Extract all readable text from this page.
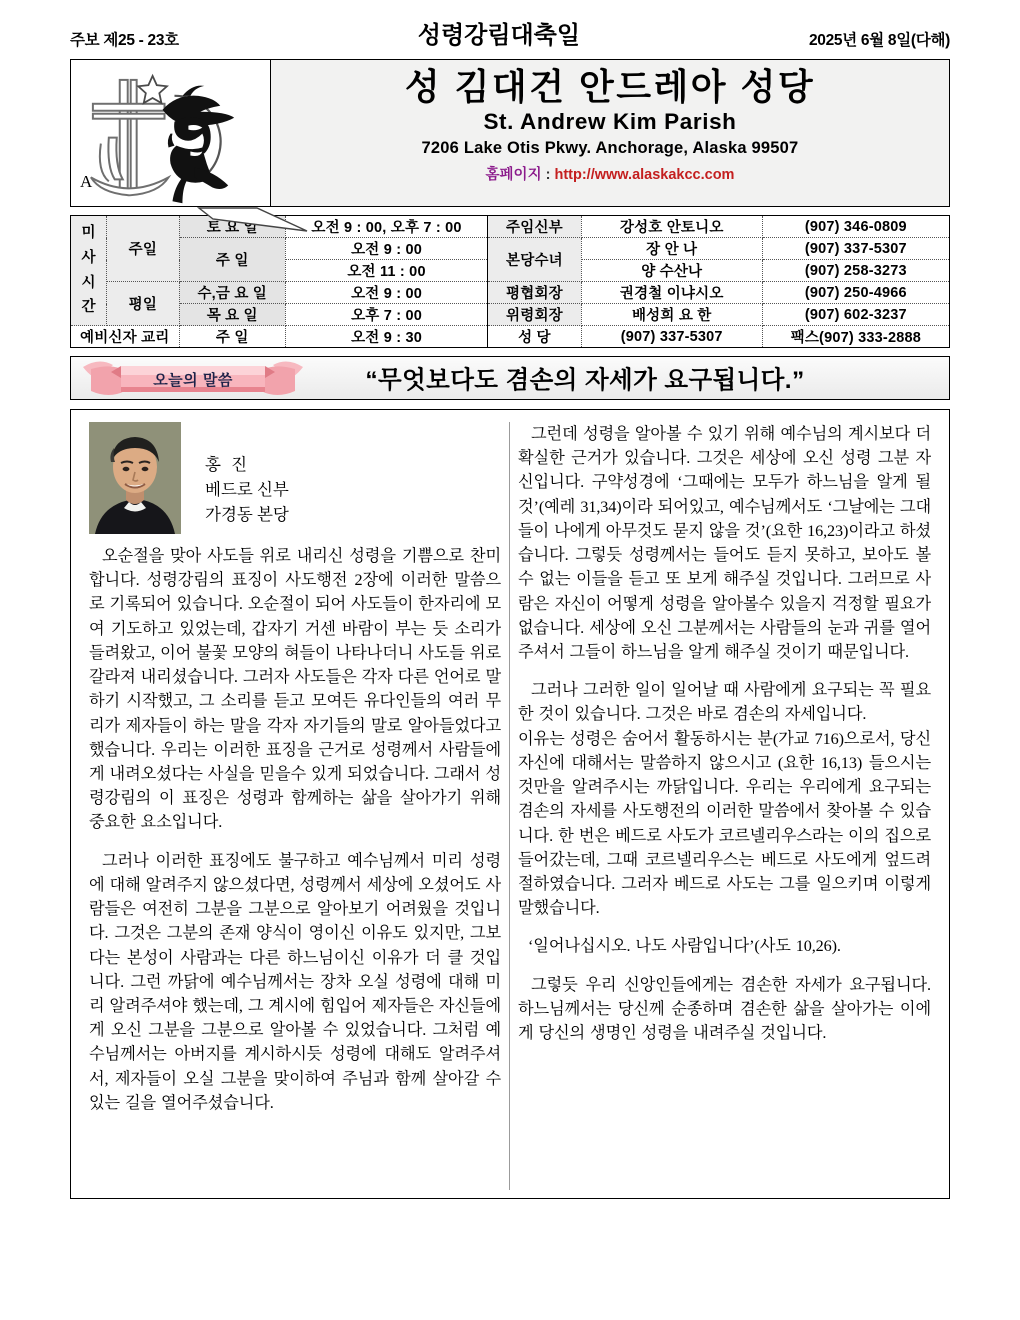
주보 제25 - 23호	성령강림대축일	2025년 6월 8일(다해)
A
성 김대건 안드레아 성당
St. Andrew Kim Parish
7206 Lake Otis Pkwy. Anchorage, Alaska 99507
홈페이지 : http://www.alaskakcc.com
미
사
시
간	주일	토 요 일	오전 9 : 00, 오후 7 : 00	주임신부	강성호 안토니오	(907) 346-0809
		주 일	오전 9 : 00	본당수녀	장 안 나	(907) 337-5307
			오전 11 : 00		양 수산나	(907) 258-3273
	평일	수,금 요 일	오전 9 : 00	평협회장	권경철 이냐시오	(907) 250-4966
		목 요 일	오후 7 : 00	위령회장	배성희 요 한	(907) 602-3237
예비신자 교리		주 일	오전 9 : 30	성 당	(907) 337-5307	팩스(907) 333-2888
오늘의 말씀	“무엇보다도 겸손의 자세가 요구됩니다.”
홍 진
베드로 신부
가경동 본당

오순절을 맞아 사도들 위로 내리신 성령을 기쁨으로 찬미합니다. 성령강림의 표징이 사도행전 2장에 이러한 말씀으로 기록되어 있습니다. 오순절이 되어 사도들이 한자리에 모여 기도하고 있었는데, 갑자기 거센 바람이 부는 듯 소리가 들려왔고, 이어 불꽃 모양의 혀들이 나타나더니 사도들 위로 갈라져 내리셨습니다. 그러자 사도들은 각자 다른 언어로 말하기 시작했고, 그 소리를 듣고 모여든 유다인들의 여러 무리가 제자들이 하는 말을 각자 자기들의 말로 알아들었다고 했습니다. 우리는 이러한 표징을 근거로 성령께서 사람들에게 내려오셨다는 사실을 믿을수 있게 되었습니다. 그래서 성령강림의 이 표징은 성령과 함께하는 삶을 살아가기 위해 중요한 요소입니다.

그러나 이러한 표징에도 불구하고 예수님께서 미리 성령에 대해 알려주지 않으셨다면, 성령께서 세상에 오셨어도 사람들은 여전히 그분을 그분으로 알아보기 어려웠을 것입니다. 그것은 그분의 존재 양식이 영이신 이유도 있지만, 그보다는 본성이 사람과는 다른 하느님이신 이유가 더 클 것입니다. 그런 까닭에 예수님께서는 장차 오실 성령에 대해 미리 알려주셔야 했는데, 그 계시에 힘입어 제자들은 자신들에게 오신 그분을 그분으로 알아볼 수 있었습니다. 그처럼 예수님께서는 아버지를 계시하시듯 성령에 대해도 알려주셔서, 제자들이 오실 그분을 맞이하여 주님과 함께 살아갈 수 있는 길을 열어주셨습니다.

그런데 성령을 알아볼 수 있기 위해 예수님의 계시보다 더 확실한 근거가 있습니다. 그것은 세상에 오신 성령 그분 자신입니다. 구약성경에 ‘그때에는 모두가 하느님을 알게 될 것’(예레 31,34)이라 되어있고, 예수님께서도 ‘그날에는 그대들이 나에게 아무것도 묻지 않을 것’(요한 16,23)이라고 하셨습니다. 그렇듯 성령께서는 들어도 듣지 못하고, 보아도 볼 수 없는 이들을 듣고 또 보게 해주실 것입니다. 그러므로 사람은 자신이 어떻게 성령을 알아볼수 있을지 걱정할 필요가 없습니다. 세상에 오신 그분께서는 사람들의 눈과 귀를 열어주셔서 그들이 하느님을 알게 해주실 것이기 때문입니다.

그러나 그러한 일이 일어날 때 사람에게 요구되는 꼭 필요한 것이 있습니다. 그것은 바로 겸손의 자세입니다.

이유는 성령은 숨어서 활동하시는 분(가교 716)으로서, 당신 자신에 대해서는 말씀하지 않으시고 (요한 16,13) 들으시는 것만을 알려주시는 까닭입니다. 우리는 우리에게 요구되는 겸손의 자세를 사도행전의 이러한 말씀에서 찾아볼 수 있습니다. 한 번은 베드로 사도가 코르넬리우스라는 이의 집으로 들어갔는데, 그때 코르넬리우스는 베드로 사도에게 엎드려 절하였습니다. 그러자 베드로 사도는 그를 일으키며 이렇게 말했습니다.

‘일어나십시오. 나도 사람입니다’(사도 10,26).

그렇듯 우리 신앙인들에게는 겸손한 자세가 요구됩니다. 하느님께서는 당신께 순종하며 겸손한 삶을 살아가는 이에게 당신의 생명인 성령을 내려주실 것입니다.
